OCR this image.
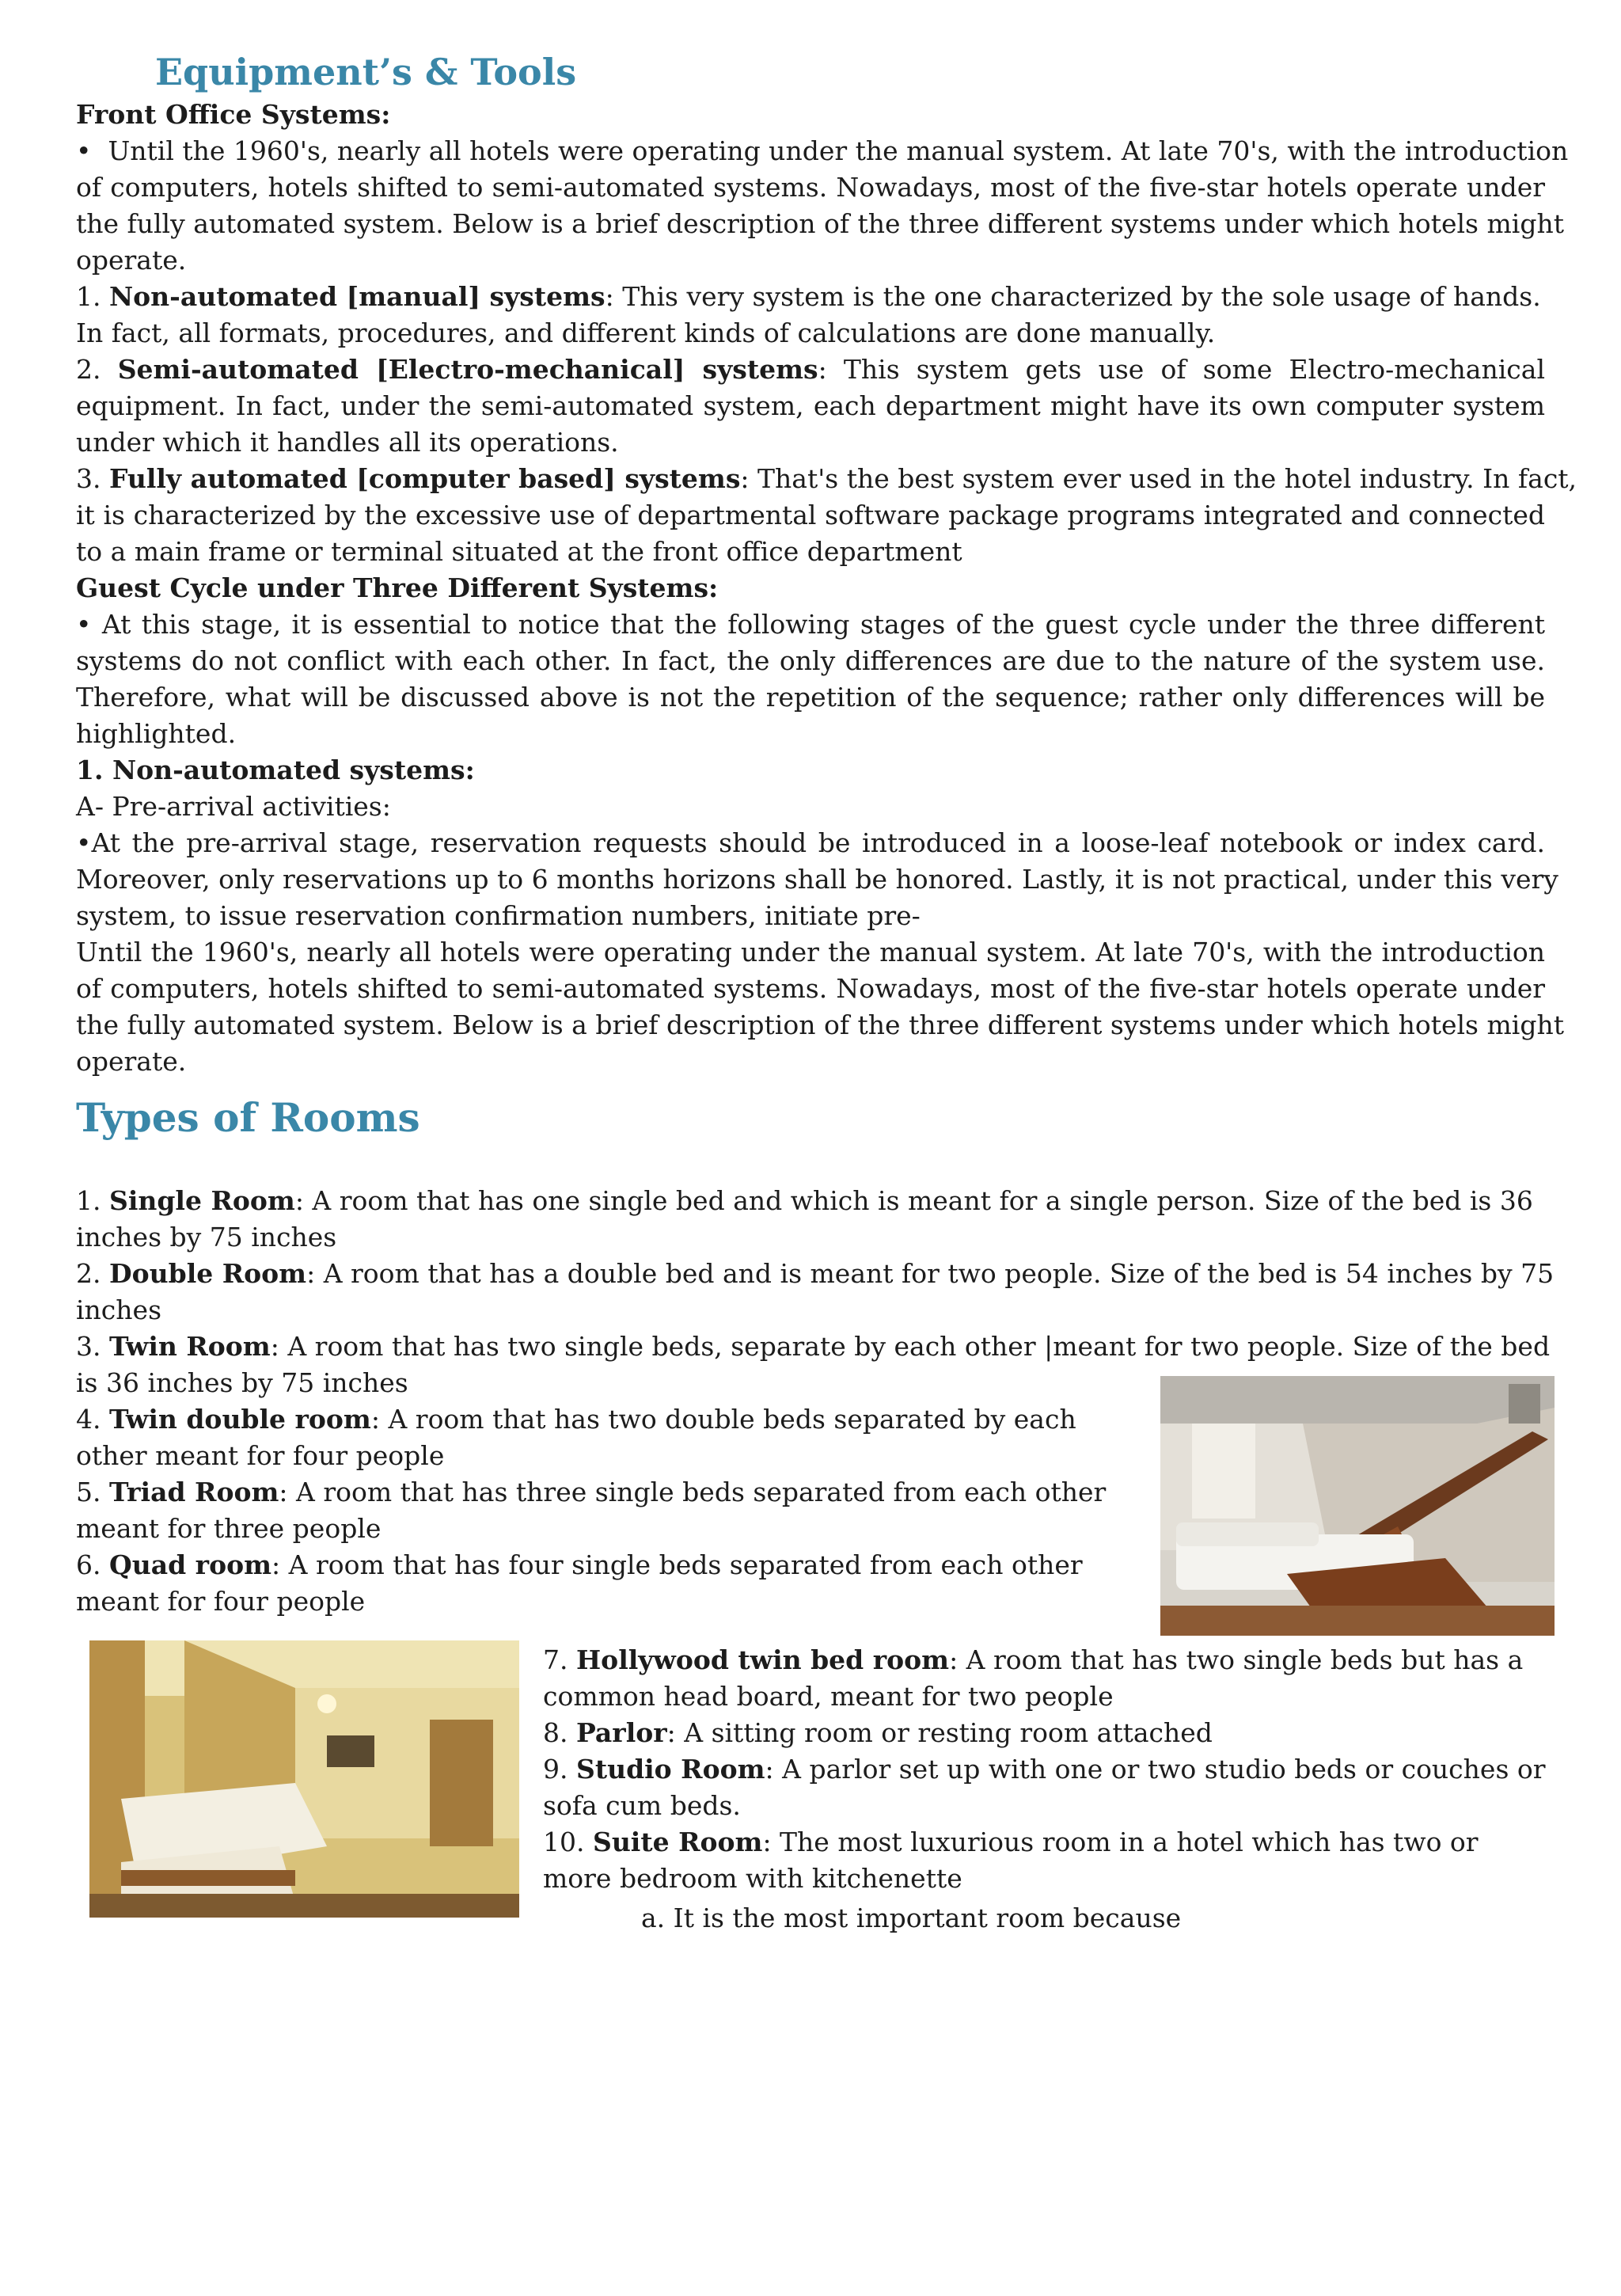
Equipment’s & Tools
Front Office Systems:
• Until the 1960's, nearly all hotels were operating under the manual system. At late 70's, with the introduction
of computers, hotels shifted to semi-automated systems. Nowadays, most of the five-star hotels operate under
the fully automated system. Below is a brief description of the three different systems under which hotels might
operate.
1. Non-automated [manual] systems: This very system is the one characterized by the sole usage of hands.
In fact, all formats, procedures, and different kinds of calculations are done manually.
2. Semi-automated [Electro-mechanical] systems: This system gets use of some Electro-mechanical
equipment. In fact, under the semi-automated system, each department might have its own computer system
under which it handles all its operations.
3. Fully automated [computer based] systems: That's the best system ever used in the hotel industry. In fact,
it is characterized by the excessive use of departmental software package programs integrated and connected
to a main frame or terminal situated at the front office department
Guest Cycle under Three Different Systems:
• At this stage, it is essential to notice that the following stages of the guest cycle under the three different
systems do not conflict with each other. In fact, the only differences are due to the nature of the system use.
Therefore, what will be discussed above is not the repetition of the sequence; rather only differences will be
highlighted.
1. Non-automated systems:
A- Pre-arrival activities:
•At the pre-arrival stage, reservation requests should be introduced in a loose-leaf notebook or index card.
Moreover, only reservations up to 6 months horizons shall be honored. Lastly, it is not practical, under this very
system, to issue reservation confirmation numbers, initiate pre-
Until the 1960's, nearly all hotels were operating under the manual system. At late 70's, with the introduction
of computers, hotels shifted to semi-automated systems. Nowadays, most of the five-star hotels operate under
the fully automated system. Below is a brief description of the three different systems under which hotels might
operate.
Types of Rooms
1. Single Room: A room that has one single bed and which is meant for a single person. Size of the bed is 36
inches by 75 inches
2. Double Room: A room that has a double bed and is meant for two people. Size of the bed is 54 inches by 75
inches
3. Twin Room: A room that has two single beds, separate by each other |meant for two people. Size of the bed
is 36 inches by 75 inches
4. Twin double room: A room that has two double beds separated by each
other meant for four people
5. Triad Room: A room that has three single beds separated from each other
meant for three people
6. Quad room: A room that has four single beds separated from each other
meant for four people
7. Hollywood twin bed room: A room that has two single beds but has a
common head board, meant for two people
8. Parlor: A sitting room or resting room attached
9. Studio Room: A parlor set up with one or two studio beds or couches or
sofa cum beds.
10. Suite Room: The most luxurious room in a hotel which has two or
more bedroom with kitchenette
a. It is the most important room because
